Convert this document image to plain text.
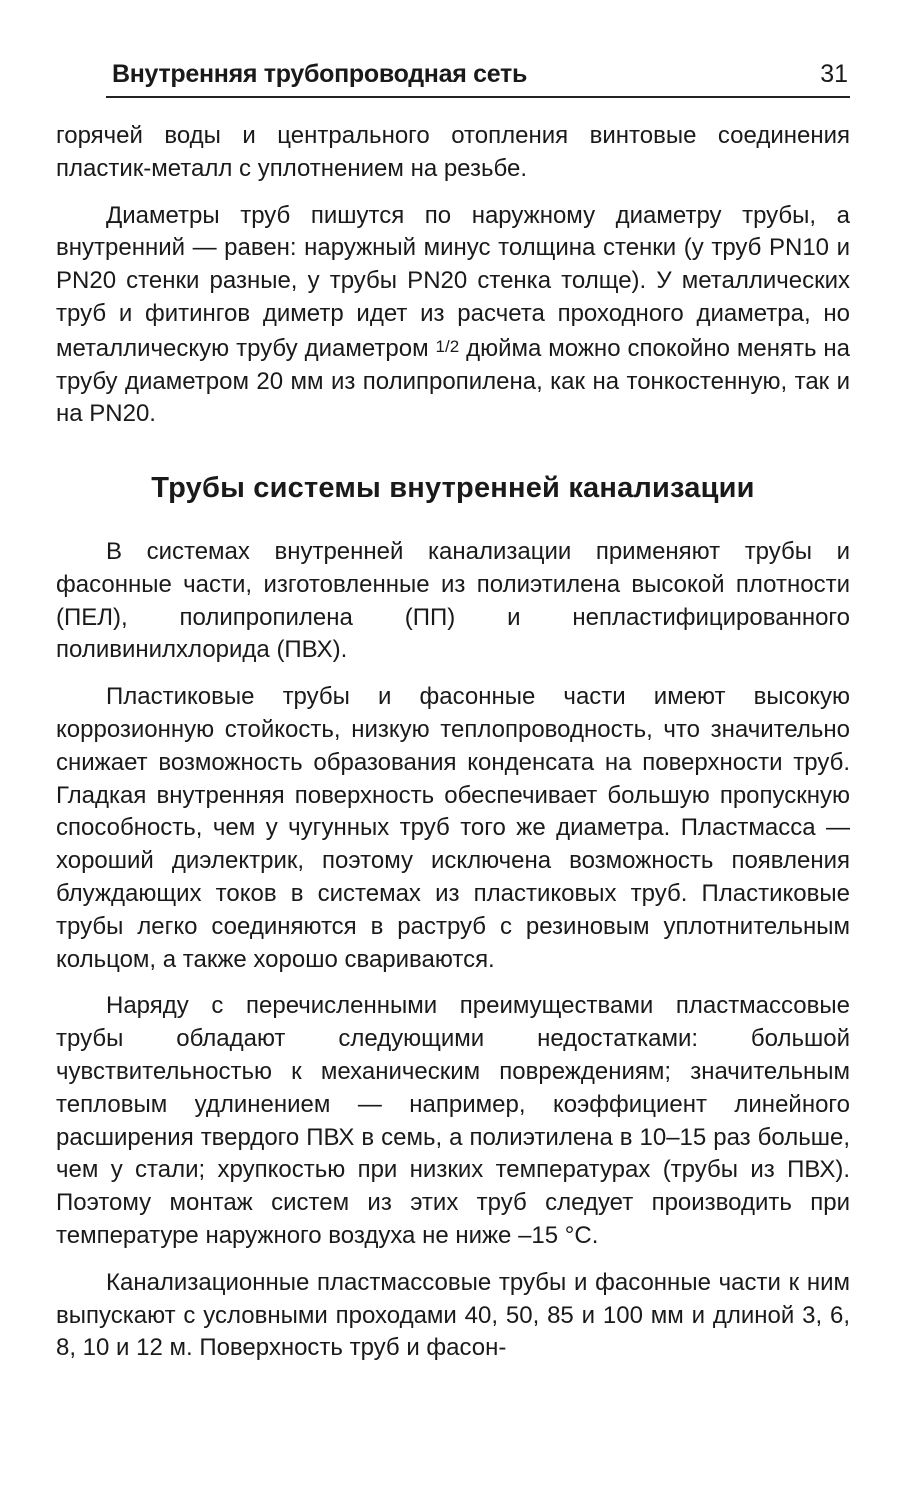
Внутренняя трубопроводная сеть	31

горячей воды и центрального отопления винтовые соединения пластик-металл с уплотнением на резьбе.

Диаметры труб пишутся по наружному диаметру трубы, а внутренний — равен: наружный минус толщина стенки (у труб PN10 и PN20 стенки разные, у трубы PN20 стенка толще). У металлических труб и фитингов диметр идет из расчета проходного диаметра, но металлическую трубу диаметром 1/2 дюйма можно спокойно менять на трубу диаметром 20 мм из полипропилена, как на тонкостенную, так и на PN20.

Трубы системы внутренней канализации

В системах внутренней канализации применяют трубы и фасонные части, изготовленные из полиэтилена высокой плотности (ПЕЛ), полипропилена (ПП) и непластифицированного поливинилхлорида (ПВХ).

Пластиковые трубы и фасонные части имеют высокую коррозионную стойкость, низкую теплопроводность, что значительно снижает возможность образования конденсата на поверхности труб. Гладкая внутренняя поверхность обеспечивает большую пропускную способность, чем у чугунных труб того же диаметра. Пластмасса — хороший диэлектрик, поэтому исключена возможность появления блуждающих токов в системах из пластиковых труб. Пластиковые трубы легко соединяются в раструб с резиновым уплотнительным кольцом, а также хорошо свариваются.

Наряду с перечисленными преимуществами пластмассовые трубы обладают следующими недостатками: большой чувствительностью к механическим повреждениям; значительным тепловым удлинением — например, коэффициент линейного расширения твердого ПВХ в семь, а полиэтилена в 10–15 раз больше, чем у стали; хрупкостью при низких температурах (трубы из ПВХ). Поэтому монтаж систем из этих труб следует производить при температуре наружного воздуха не ниже –15 °С.

Канализационные пластмассовые трубы и фасонные части к ним выпускают с условными проходами 40, 50, 85 и 100 мм и длиной 3, 6, 8, 10 и 12 м. Поверхность труб и фасон-
